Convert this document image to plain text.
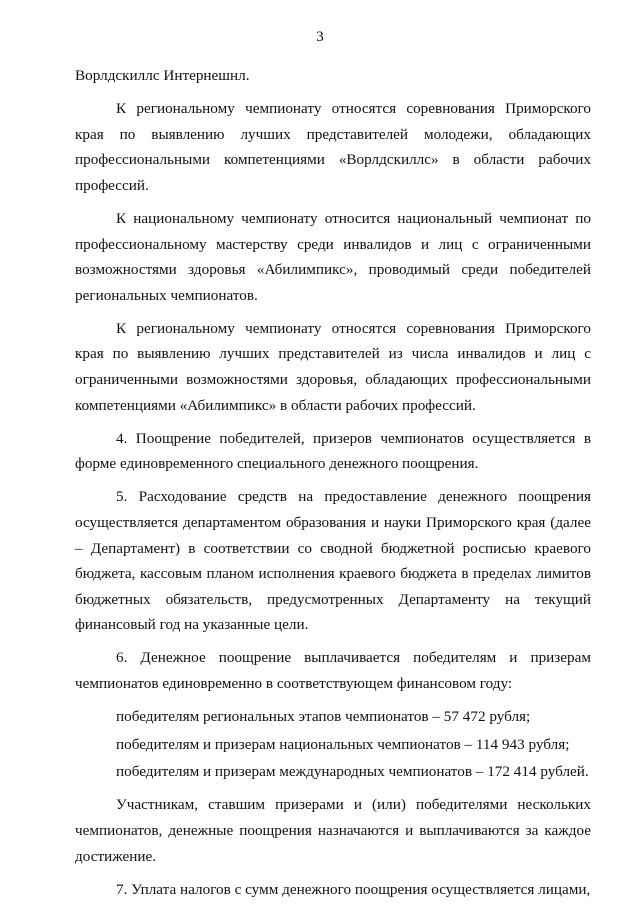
3

Ворлдскиллс Интернешнл.

К региональному чемпионату относятся соревнования Приморского края по выявлению лучших представителей молодежи, обладающих профессиональными компетенциями «Ворлдскиллс» в области рабочих профессий.

К национальному чемпионату относится национальный чемпионат по профессиональному мастерству среди инвалидов и лиц с ограниченными возможностями здоровья «Абилимпикс», проводимый среди победителей региональных чемпионатов.

К региональному чемпионату относятся соревнования Приморского края по выявлению лучших представителей из числа инвалидов и лиц с ограниченными возможностями здоровья, обладающих профессиональными компетенциями «Абилимпикс» в области рабочих профессий.

4. Поощрение победителей, призеров чемпионатов осуществляется в форме единовременного специального денежного поощрения.

5. Расходование средств на предоставление денежного поощрения осуществляется департаментом образования и науки Приморского края (далее – Департамент) в соответствии со сводной бюджетной росписью краевого бюджета, кассовым планом исполнения краевого бюджета в пределах лимитов бюджетных обязательств, предусмотренных Департаменту на текущий финансовый год на указанные цели.

6. Денежное поощрение выплачивается победителям и призерам чемпионатов единовременно в соответствующем финансовом году:

победителям региональных этапов чемпионатов – 57 472 рубля;

победителям и призерам национальных чемпионатов – 114 943 рубля;

победителям и призерам международных чемпионатов – 172 414 рублей.

Участникам, ставшим призерами и (или) победителями нескольких чемпионатов, денежные поощрения назначаются и выплачиваются за каждое достижение.

7. Уплата налогов с сумм денежного поощрения осуществляется лицами,
